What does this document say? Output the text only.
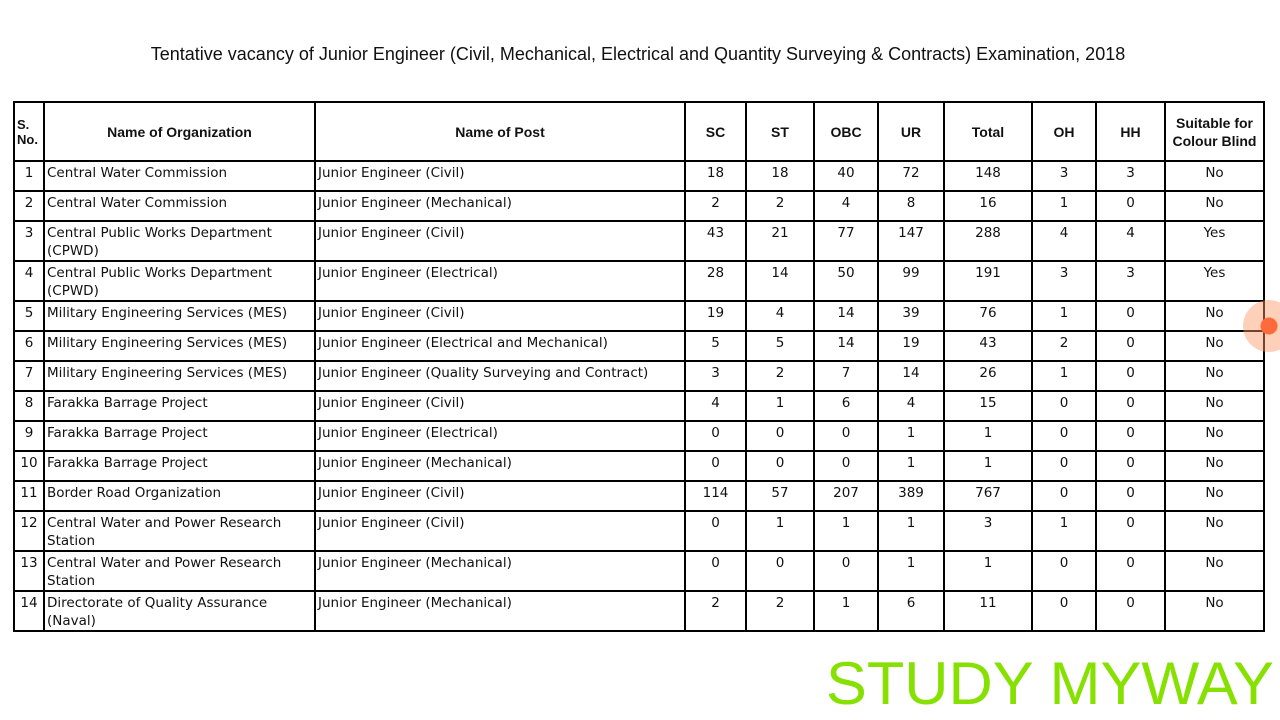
Tentative vacancy of Junior Engineer (Civil, Mechanical, Electrical and Quantity Surveying & Contracts) Examination, 2018
S. No.	Name of Organization	Name of Post	SC	ST	OBC	UR	Total	OH	HH	Suitable for Colour Blind
1	Central Water Commission	Junior Engineer (Civil)	18	18	40	72	148	3	3	No
2	Central Water Commission	Junior Engineer (Mechanical)	2	2	4	8	16	1	0	No
3	Central Public Works Department (CPWD)	Junior Engineer (Civil)	43	21	77	147	288	4	4	Yes
4	Central Public Works Department (CPWD)	Junior Engineer (Electrical)	28	14	50	99	191	3	3	Yes
5	Military Engineering Services (MES)	Junior Engineer (Civil)	19	4	14	39	76	1	0	No
6	Military Engineering Services (MES)	Junior Engineer (Electrical and Mechanical)	5	5	14	19	43	2	0	No
7	Military Engineering Services (MES)	Junior Engineer (Quality Surveying and Contract)	3	2	7	14	26	1	0	No
8	Farakka Barrage Project	Junior Engineer (Civil)	4	1	6	4	15	0	0	No
9	Farakka Barrage Project	Junior Engineer (Electrical)	0	0	0	1	1	0	0	No
10	Farakka Barrage Project	Junior Engineer (Mechanical)	0	0	0	1	1	0	0	No
11	Border Road Organization	Junior Engineer (Civil)	114	57	207	389	767	0	0	No
12	Central Water and Power Research Station	Junior Engineer (Civil)	0	1	1	1	3	1	0	No
13	Central Water and Power Research Station	Junior Engineer (Mechanical)	0	0	0	1	1	0	0	No
14	Directorate of Quality Assurance (Naval)	Junior Engineer (Mechanical)	2	2	1	6	11	0	0	No
STUDY MYWAY
